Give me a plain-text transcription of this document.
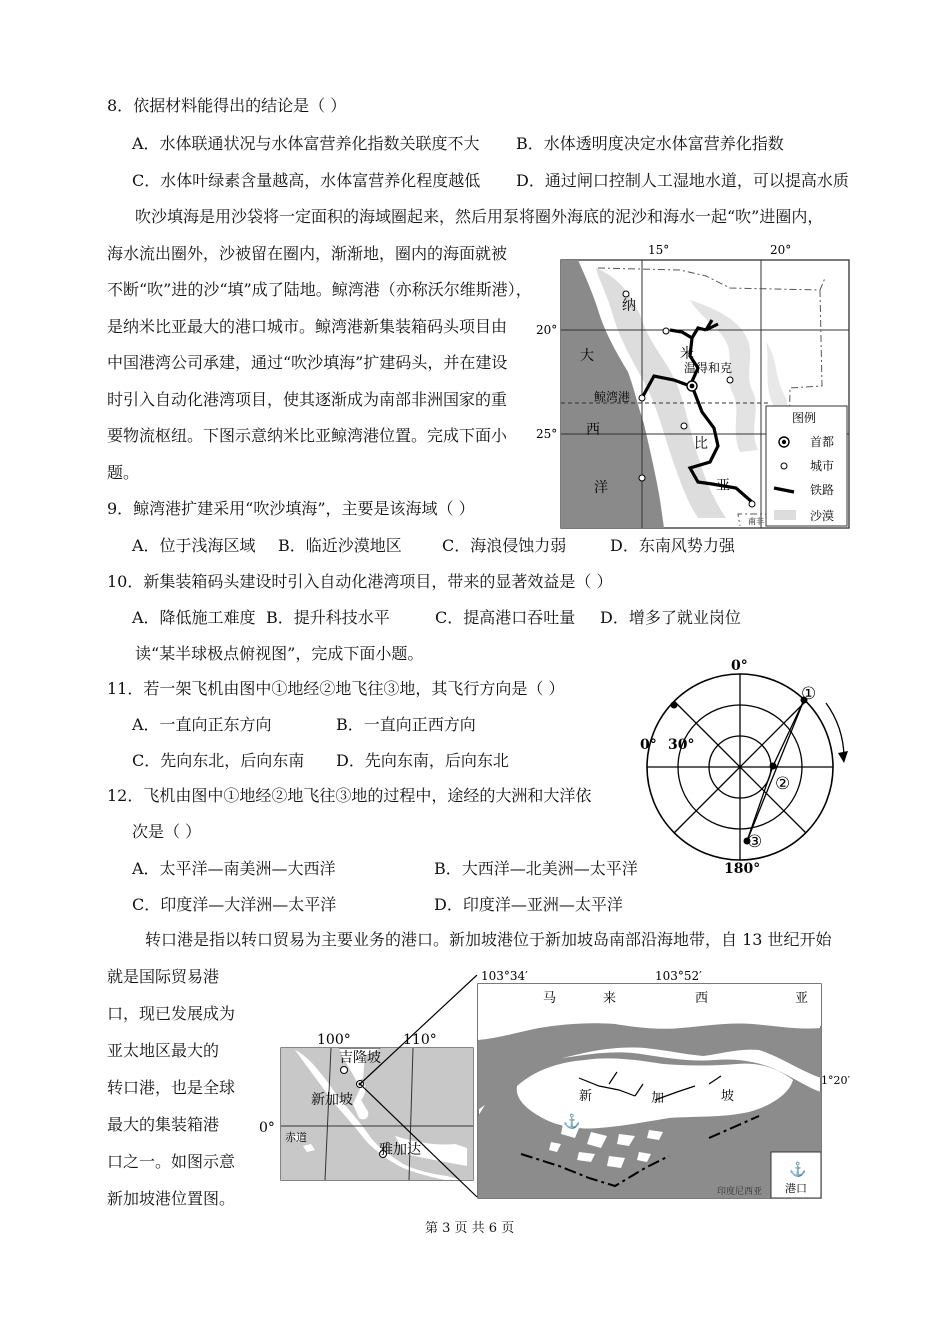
8．依据材料能得出的结论是（ ）
A．水体联通状况与水体富营养化指数关联度不大 B．水体透明度决定水体富营养化指数
C．水体叶绿素含量越高，水体富营养化程度越低 D．通过闸口控制人工湿地水道，可以提高水质
吹沙填海是用沙袋将一定面积的海域圈起来，然后用泵将圈外海底的泥沙和海水一起“吹”进圈内，
海水流出圈外，沙被留在圈内，渐渐地，圈内的海面就被
不断“吹”进的沙“填”成了陆地。鲸湾港（亦称沃尔维斯港），
是纳米比亚最大的港口城市。鲸湾港新集装箱码头项目由
中国港湾公司承建，通过“吹沙填海”扩建码头，并在建设
时引入自动化港湾项目，使其逐渐成为南部非洲国家的重
要物流枢纽。下图示意纳米比亚鲸湾港位置。完成下面小
题。
15°	20°
20°
25°
大
西
洋
纳
米
比
亚
温得和克
鲸湾港
南非
图例
首都
城市
铁路
沙漠
9．鲸湾港扩建采用“吹沙填海”，主要是该海域（ ）
A．位于浅海区域 B．临近沙漠地区	C．海浪侵蚀力弱	D．东南风势力强
10．新集装箱码头建设时引入自动化港湾项目，带来的显著效益是（ ）
A．降低施工难度 B．提升科技水平	C．提高港口吞吐量 D．增多了就业岗位
读“某半球极点俯视图”，完成下面小题。
11．若一架飞机由图中①地经②地飞往③地，其飞行方向是（ ）
A．一直向正东方向	B．一直向正西方向
C．先向东北，后向东南 D．先向东南，后向东北
12．飞机由图中①地经②地飞往③地的过程中，途经的大洲和大洋依
次是（ ）
A．太平洋—南美洲—大西洋	B．大西洋—北美洲—太平洋
C．印度洋—大洋洲—太平洋	D．印度洋—亚洲—太平洋
0°
0° 30°
180°
①
②
③
转口港是指以转口贸易为主要业务的港口。新加坡港位于新加坡岛南部沿海地带，自 13 世纪开始
就是国际贸易港
口，现已发展成为
亚太地区最大的
转口港，也是全球
最大的集装箱港
口之一。如图示意
新加坡港位置图。
100°	110°
0°
赤道
吉隆坡
新加坡
雅加达
103°34′	103°52′
1°20′
马	来	西	亚
新	加	坡
⚓
印度尼西亚
⚓
港口
第 3 页 共 6 页
